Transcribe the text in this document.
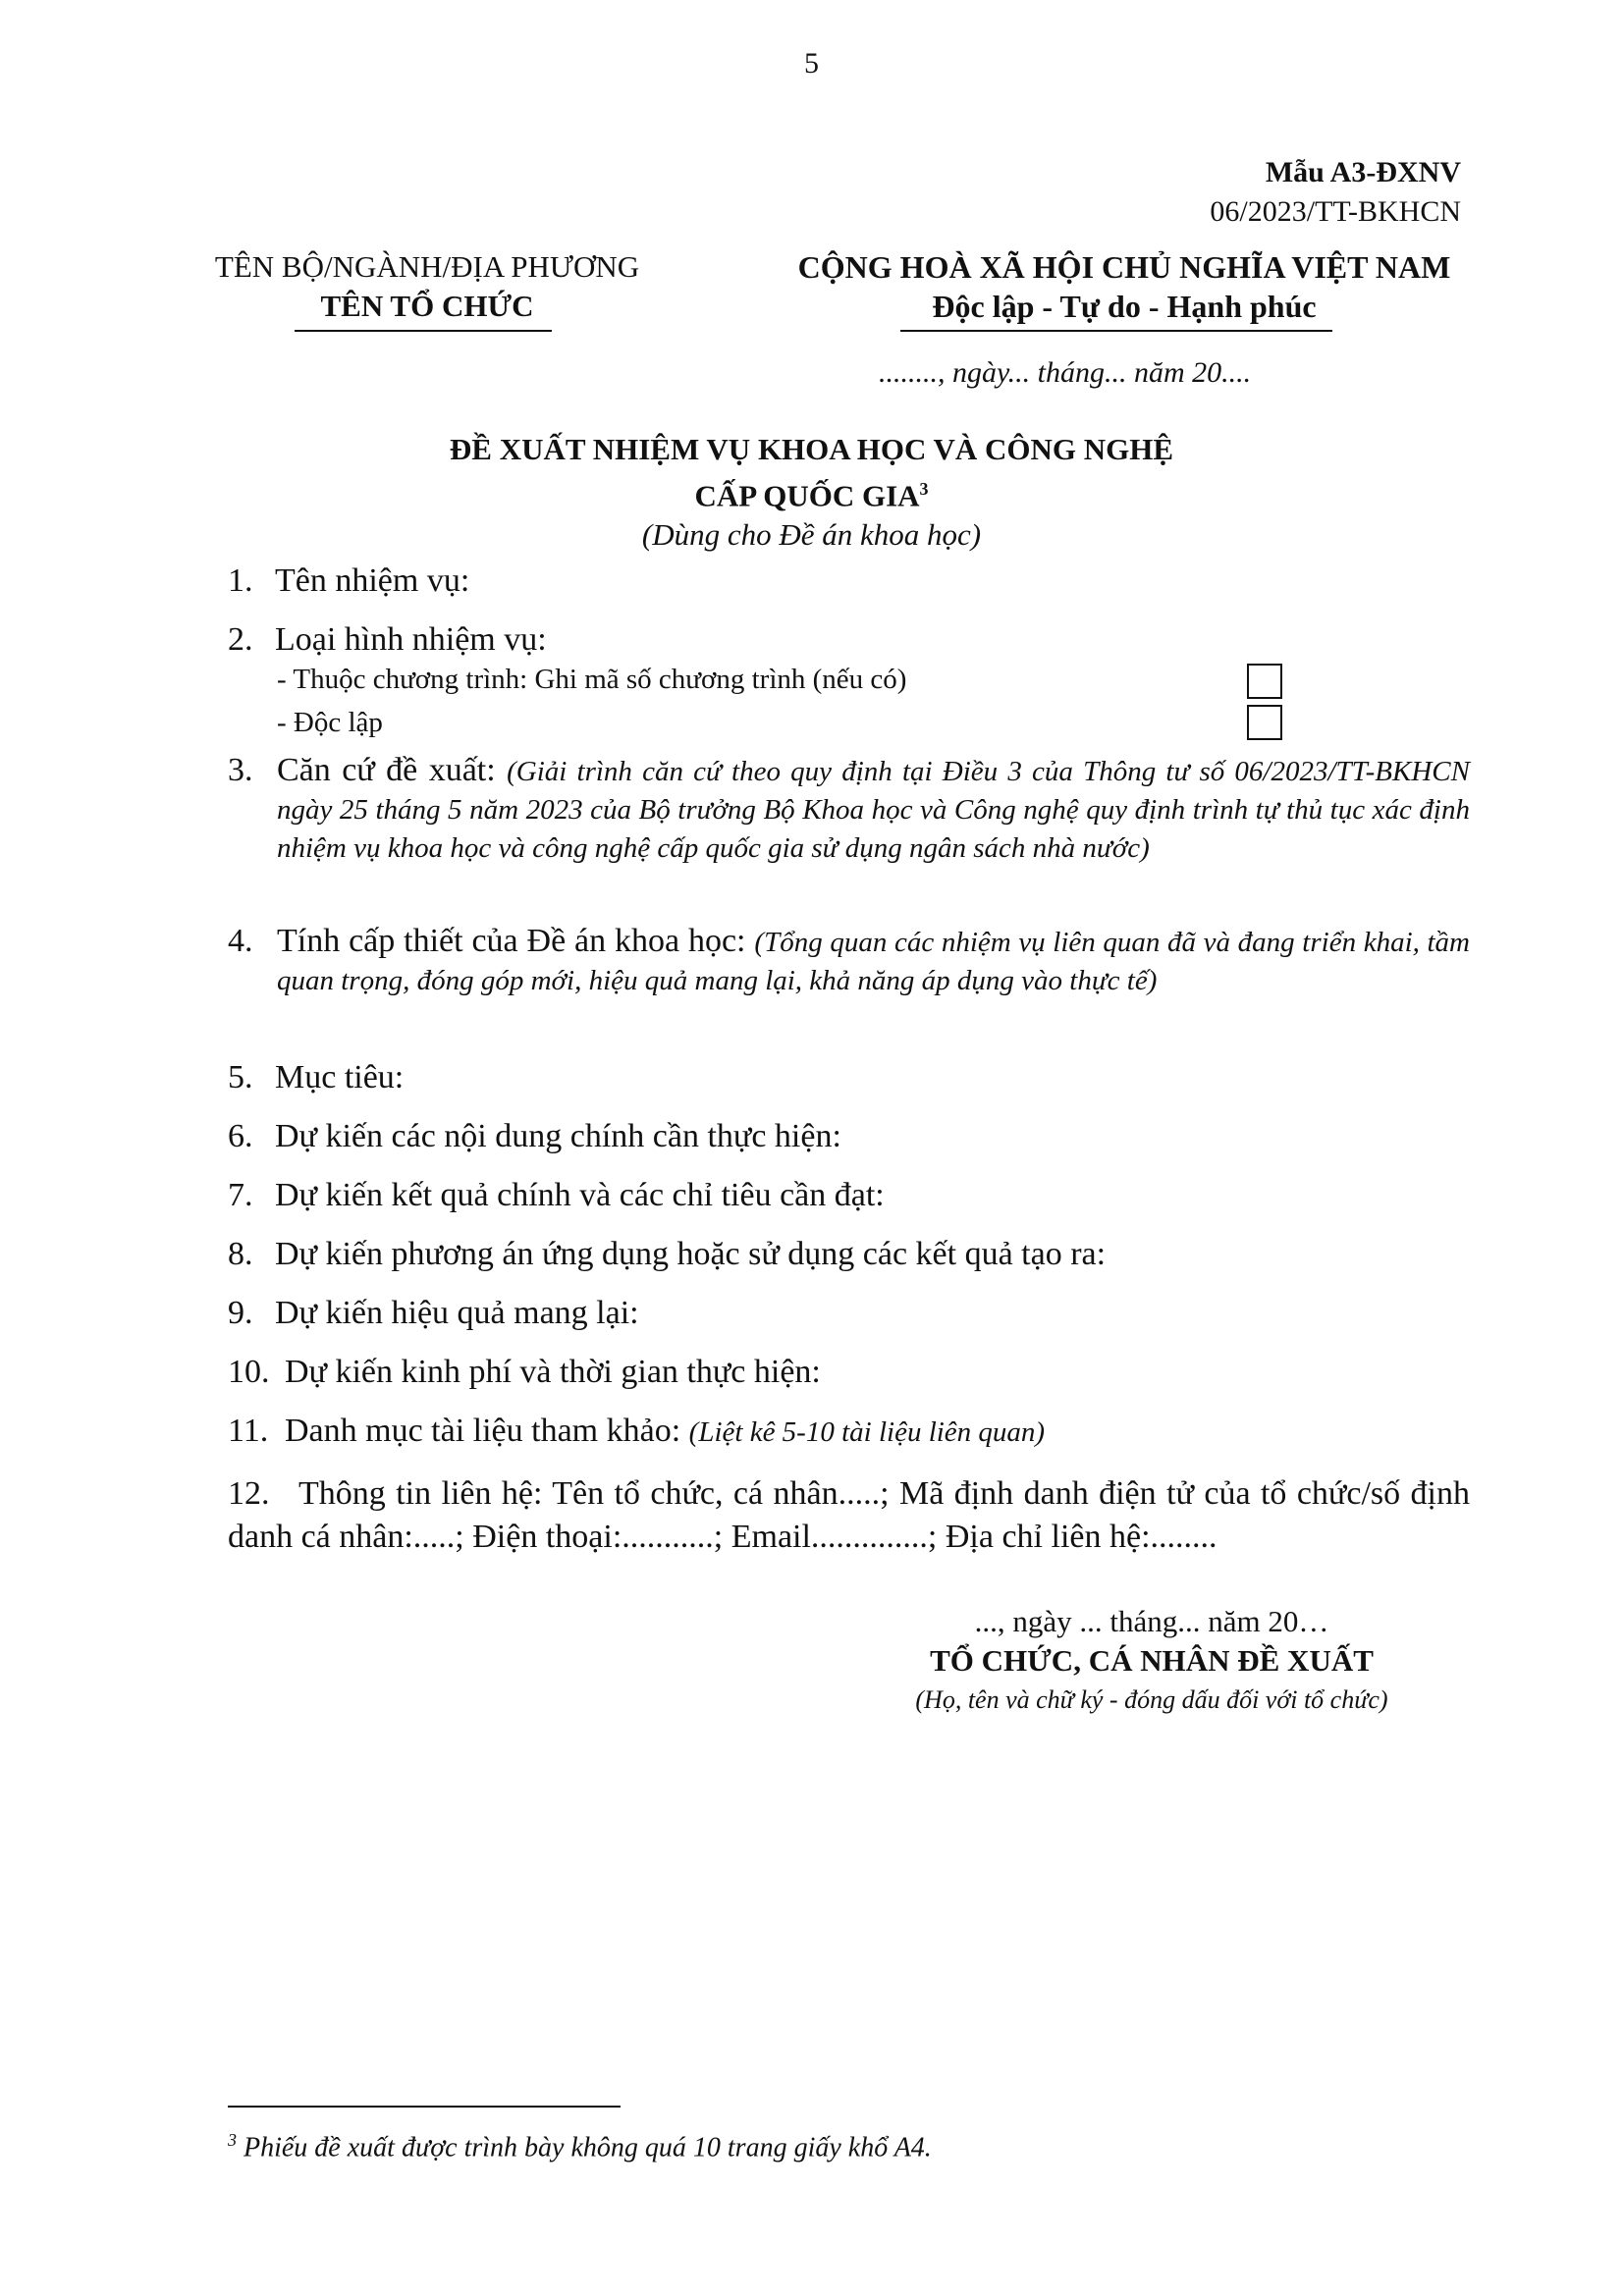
5
Mẫu A3-ĐXNV
06/2023/TT-BKHCN
TÊN BỘ/NGÀNH/ĐỊA PHƯƠNG
TÊN TỔ CHỨC
CỘNG HOÀ XÃ HỘI CHỦ NGHĨA VIỆT NAM
Độc lập - Tự do - Hạnh phúc
........, ngày... tháng... năm 20....
ĐỀ XUẤT NHIỆM VỤ KHOA HỌC VÀ CÔNG NGHỆ
CẤP QUỐC GIA$^3$
(Dùng cho Đề án khoa học)
1. Tên nhiệm vụ:
2. Loại hình nhiệm vụ:
- Thuộc chương trình: Ghi mã số chương trình (nếu có)
- Độc lập
3. Căn cứ đề xuất: (Giải trình căn cứ theo quy định tại Điều 3 của Thông tư số 06/2023/TT-BKHCN ngày 25 tháng 5 năm 2023 của Bộ trưởng Bộ Khoa học và Công nghệ quy định trình tự thủ tục xác định nhiệm vụ khoa học và công nghệ cấp quốc gia sử dụng ngân sách nhà nước)
4. Tính cấp thiết của Đề án khoa học: (Tổng quan các nhiệm vụ liên quan đã và đang triển khai, tầm quan trọng, đóng góp mới, hiệu quả mang lại, khả năng áp dụng vào thực tế)
5. Mục tiêu:
6. Dự kiến các nội dung chính cần thực hiện:
7. Dự kiến kết quả chính và các chỉ tiêu cần đạt:
8. Dự kiến phương án ứng dụng hoặc sử dụng các kết quả tạo ra:
9. Dự kiến hiệu quả mang lại:
10. Dự kiến kinh phí và thời gian thực hiện:
11. Danh mục tài liệu tham khảo: (Liệt kê 5-10 tài liệu liên quan)
12. Thông tin liên hệ: Tên tổ chức, cá nhân.....; Mã định danh điện tử của tổ chức/số định danh cá nhân:.....; Điện thoại:...........; Email..............; Địa chỉ liên hệ:........
..., ngày ... tháng... năm 20…
TỔ CHỨC, CÁ NHÂN ĐỀ XUẤT
(Họ, tên và chữ ký - đóng dấu đối với tổ chức)
$^3$ Phiếu đề xuất được trình bày không quá 10 trang giấy khổ A4.
